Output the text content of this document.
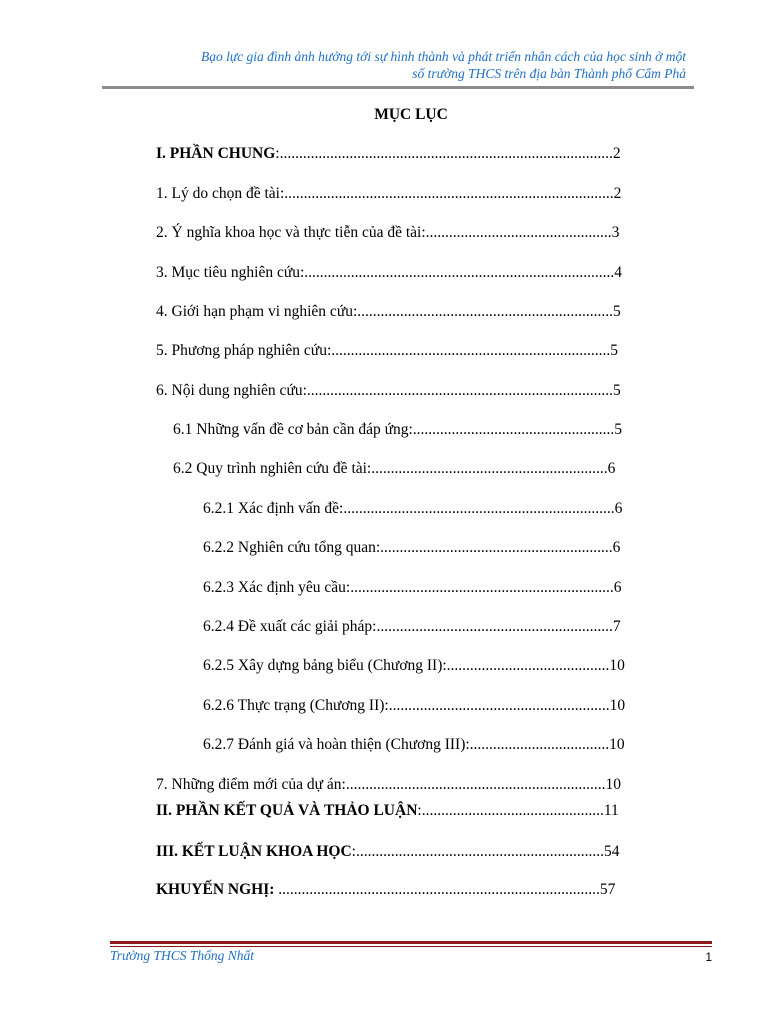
Bạo lực gia đình ảnh hưởng tới sự hình thành và phát triển nhân cách của học sinh ở một
số trường THCS trên địa bàn Thành phố Cẩm Phả
MỤC LỤC
I. PHẦN CHUNG:......................................................................................2
1. Lý do chọn đề tài:.....................................................................................2
2. Ý nghĩa khoa học và thực tiễn của đề tài:................................................3
3. Mục tiêu nghiên cứu:................................................................................4
4. Giới hạn phạm vi nghiên cứu:..................................................................5
5. Phương pháp nghiên cứu:........................................................................5
6. Nội dung nghiên cứu:...............................................................................5
6.1 Những vấn đề cơ bản cần đáp ứng:....................................................5
6.2 Quy trình nghiên cứu đề tài:.............................................................6
6.2.1 Xác định vấn đề:......................................................................6
6.2.2 Nghiên cứu tổng quan:............................................................6
6.2.3 Xác định yêu cầu:....................................................................6
6.2.4 Đề xuất các giải pháp:.............................................................7
6.2.5 Xây dựng bảng biểu (Chương II):..........................................10
6.2.6 Thực trạng (Chương II):.........................................................10
6.2.7 Đánh giá và hoàn thiện (Chương III):....................................10
7. Những điểm mới của dự án:...................................................................10
II. PHẦN KẾT QUẢ VÀ THẢO LUẬN:...............................................11
III. KẾT LUẬN KHOA HỌC:................................................................54
KHUYẾN NGHỊ: ...................................................................................57
Trường THCS Thống Nhất	1
